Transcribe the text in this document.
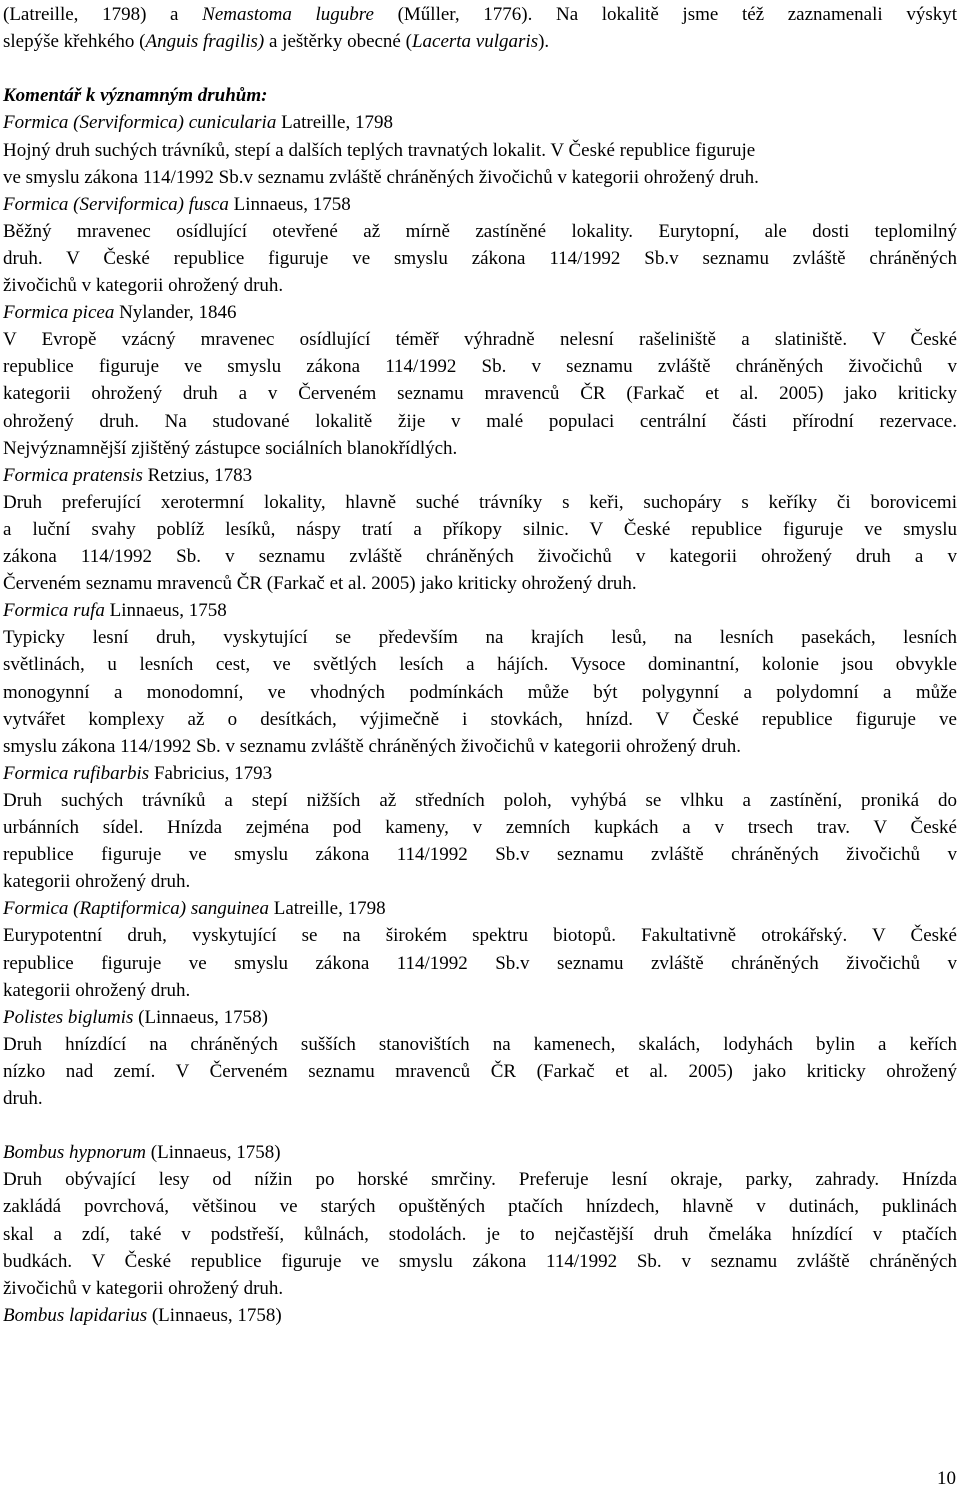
(Latreille, 1798) a Nemastoma lugubre (Műller, 1776). Na lokalitě jsme též zaznamenali výskyt
slepýše křehkého (Anguis fragilis) a ještěrky obecné (Lacerta vulgaris).
Komentář k významným druhům:
Formica (Serviformica) cunicularia Latreille, 1798
Hojný druh suchých trávníků, stepí a dalších teplých travnatých lokalit. V České republice figuruje
ve smyslu zákona 114/1992 Sb.v seznamu zvláště chráněných živočichů v kategorii ohrožený druh.
Formica (Serviformica) fusca Linnaeus, 1758
Běžný mravenec osídlující otevřené až mírně zastíněné lokality. Eurytopní, ale dosti teplomilný
druh. V České republice figuruje ve smyslu zákona 114/1992 Sb.v seznamu zvláště chráněných
živočichů v kategorii ohrožený druh.
Formica picea Nylander, 1846
V Evropě vzácný mravenec osídlující téměř výhradně nelesní rašeliniště a slatiniště. V České
republice figuruje ve smyslu zákona 114/1992 Sb. v seznamu zvláště chráněných živočichů v
kategorii ohrožený druh a v Červeném seznamu mravenců ČR (Farkač et al. 2005) jako kriticky
ohrožený druh. Na studované lokalitě žije v malé populaci centrální části přírodní rezervace.
Nejvýznamnější zjištěný zástupce sociálních blanokřídlých.
Formica pratensis Retzius, 1783
Druh preferující xerotermní lokality, hlavně suché trávníky s keři, suchopáry s keříky či borovicemi
a luční svahy poblíž lesíků, náspy tratí a příkopy silnic. V České republice figuruje ve smyslu
zákona 114/1992 Sb. v seznamu zvláště chráněných živočichů v kategorii ohrožený druh a v
Červeném seznamu mravenců ČR (Farkač et al. 2005) jako kriticky ohrožený druh.
Formica rufa Linnaeus, 1758
Typicky lesní druh, vyskytující se především na krajích lesů, na lesních pasekách, lesních
světlinách, u lesních cest, ve světlých lesích a hájích. Vysoce dominantní, kolonie jsou obvykle
monogynní a monodomní, ve vhodných podmínkách může být polygynní a polydomní a může
vytvářet komplexy až o desítkách, výjimečně i stovkách, hnízd. V České republice figuruje ve
smyslu zákona 114/1992 Sb. v seznamu zvláště chráněných živočichů v kategorii ohrožený druh.
Formica rufibarbis Fabricius, 1793
Druh suchých trávníků a stepí nižších až středních poloh, vyhýbá se vlhku a zastínění, proniká do
urbánních sídel. Hnízda zejména pod kameny, v zemních kupkách a v trsech trav. V České
republice figuruje ve smyslu zákona 114/1992 Sb.v seznamu zvláště chráněných živočichů v
kategorii ohrožený druh.
Formica (Raptiformica) sanguinea Latreille, 1798
Eurypotentní druh, vyskytující se na širokém spektru biotopů. Fakultativně otrokářský. V České
republice figuruje ve smyslu zákona 114/1992 Sb.v seznamu zvláště chráněných živočichů v
kategorii ohrožený druh.
Polistes biglumis (Linnaeus, 1758)
Druh hnízdící na chráněných sušších stanovištích na kamenech, skalách, lodyhách bylin a keřích
nízko nad zemí. V Červeném seznamu mravenců ČR (Farkač et al. 2005) jako kriticky ohrožený
druh.
Bombus hypnorum (Linnaeus, 1758)
Druh obývající lesy od nížin po horské smrčiny. Preferuje lesní okraje, parky, zahrady. Hnízda
zakládá povrchová, většinou ve starých opuštěných ptačích hnízdech, hlavně v dutinách, puklinách
skal a zdí, také v podstřeší, kůlnách, stodolách. je to nejčastější druh čmeláka hnízdící v ptačích
budkách. V České republice figuruje ve smyslu zákona 114/1992 Sb. v seznamu zvláště chráněných
živočichů v kategorii ohrožený druh.
Bombus lapidarius (Linnaeus, 1758)
10
